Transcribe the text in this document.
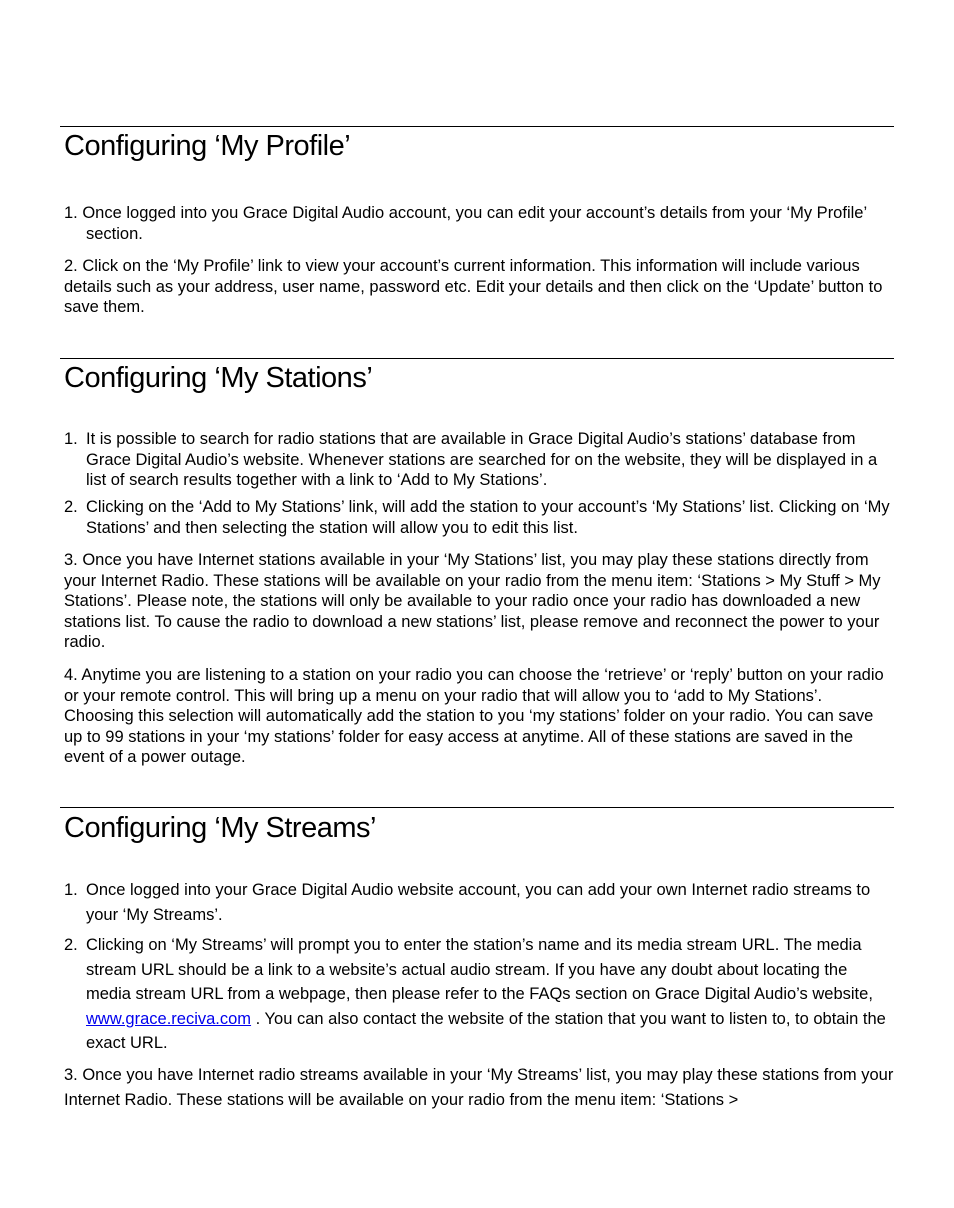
Configuring ‘My Profile’

1. Once logged into you Grace Digital Audio account, you can edit your account’s details from your ‘My Profile’ section.

2. Click on the ‘My Profile’ link to view your account’s current information. This information will include various details such as your address, user name, password etc. Edit your details and then click on the ‘Update’ button to save them.

Configuring ‘My Stations’
1. It is possible to search for radio stations that are available in Grace Digital Audio’s stations’ database from Grace Digital Audio’s website. Whenever stations are searched for on the website, they will be displayed in a list of search results together with a link to ‘Add to My Stations’.
2. Clicking on the ‘Add to My Stations’ link, will add the station to your account’s ‘My Stations’ list. Clicking on ‘My Stations’ and then selecting the station will allow you to edit this list.

3. Once you have Internet stations available in your ‘My Stations’ list, you may play these stations directly from your Internet Radio. These stations will be available on your radio from the menu item: ‘Stations > My Stuff > My Stations’. Please note, the stations will only be available to your radio once your radio has downloaded a new stations list. To cause the radio to download a new stations’ list, please remove and reconnect the power to your radio.

4. Anytime you are listening to a station on your radio you can choose the ‘retrieve’ or ‘reply’ button on your radio or your remote control. This will bring up a menu on your radio that will allow you to ‘add to My Stations’. Choosing this selection will automatically add the station to you ‘my stations’ folder on your radio. You can save up to 99 stations in your ‘my stations’ folder for easy access at anytime. All of these stations are saved in the event of a power outage.

Configuring ‘My Streams’
1. Once logged into your Grace Digital Audio website account, you can add your own Internet radio streams to your ‘My Streams’.
2. Clicking on ‘My Streams’ will prompt you to enter the station’s name and its media stream URL. The media stream URL should be a link to a website’s actual audio stream. If you have any doubt about locating the media stream URL from a webpage, then please refer to the FAQs section on Grace Digital Audio’s website, www.grace.reciva.com . You can also contact the website of the station that you want to listen to, to obtain the exact URL.

3. Once you have Internet radio streams available in your ‘My Streams’ list, you may play these stations from your Internet Radio. These stations will be available on your radio from the menu item: ‘Stations >
